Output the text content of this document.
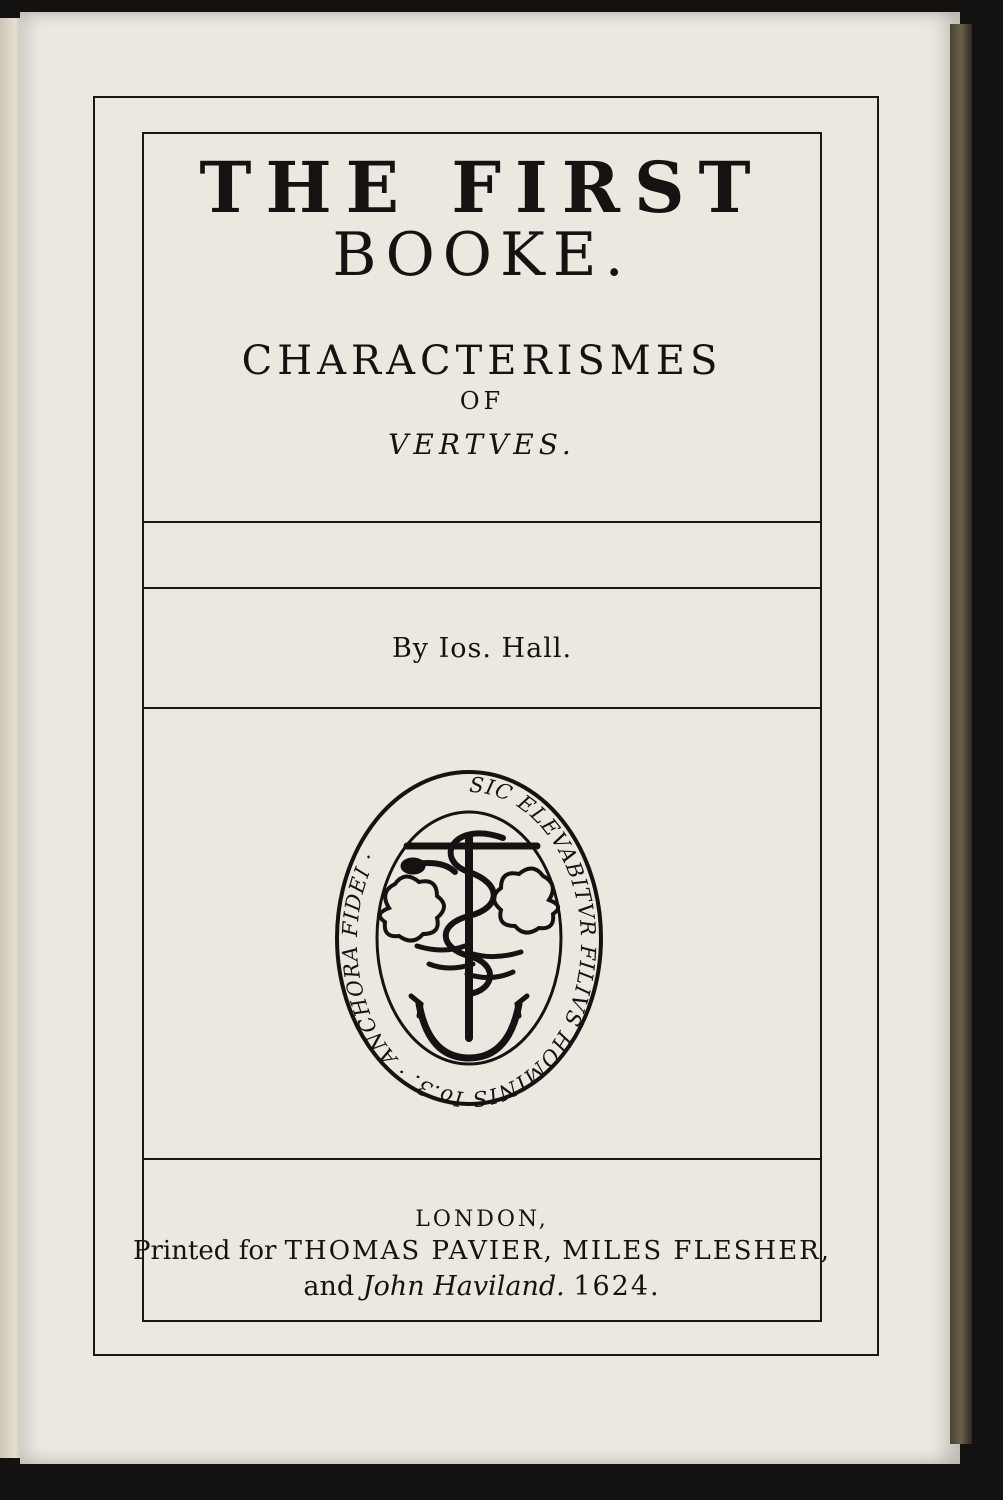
THE FIRST
BOOKE.
CHARACTERISMES
OF
VERTVES.
By Ios. Hall.
SIC ELEVABITVR FILIVS HOMINIS Io.3. · ANCHORA FIDEI ·
LONDON,
Printed for THOMAS PAVIER, MILES FLESHER,
and John Haviland. 1624.
